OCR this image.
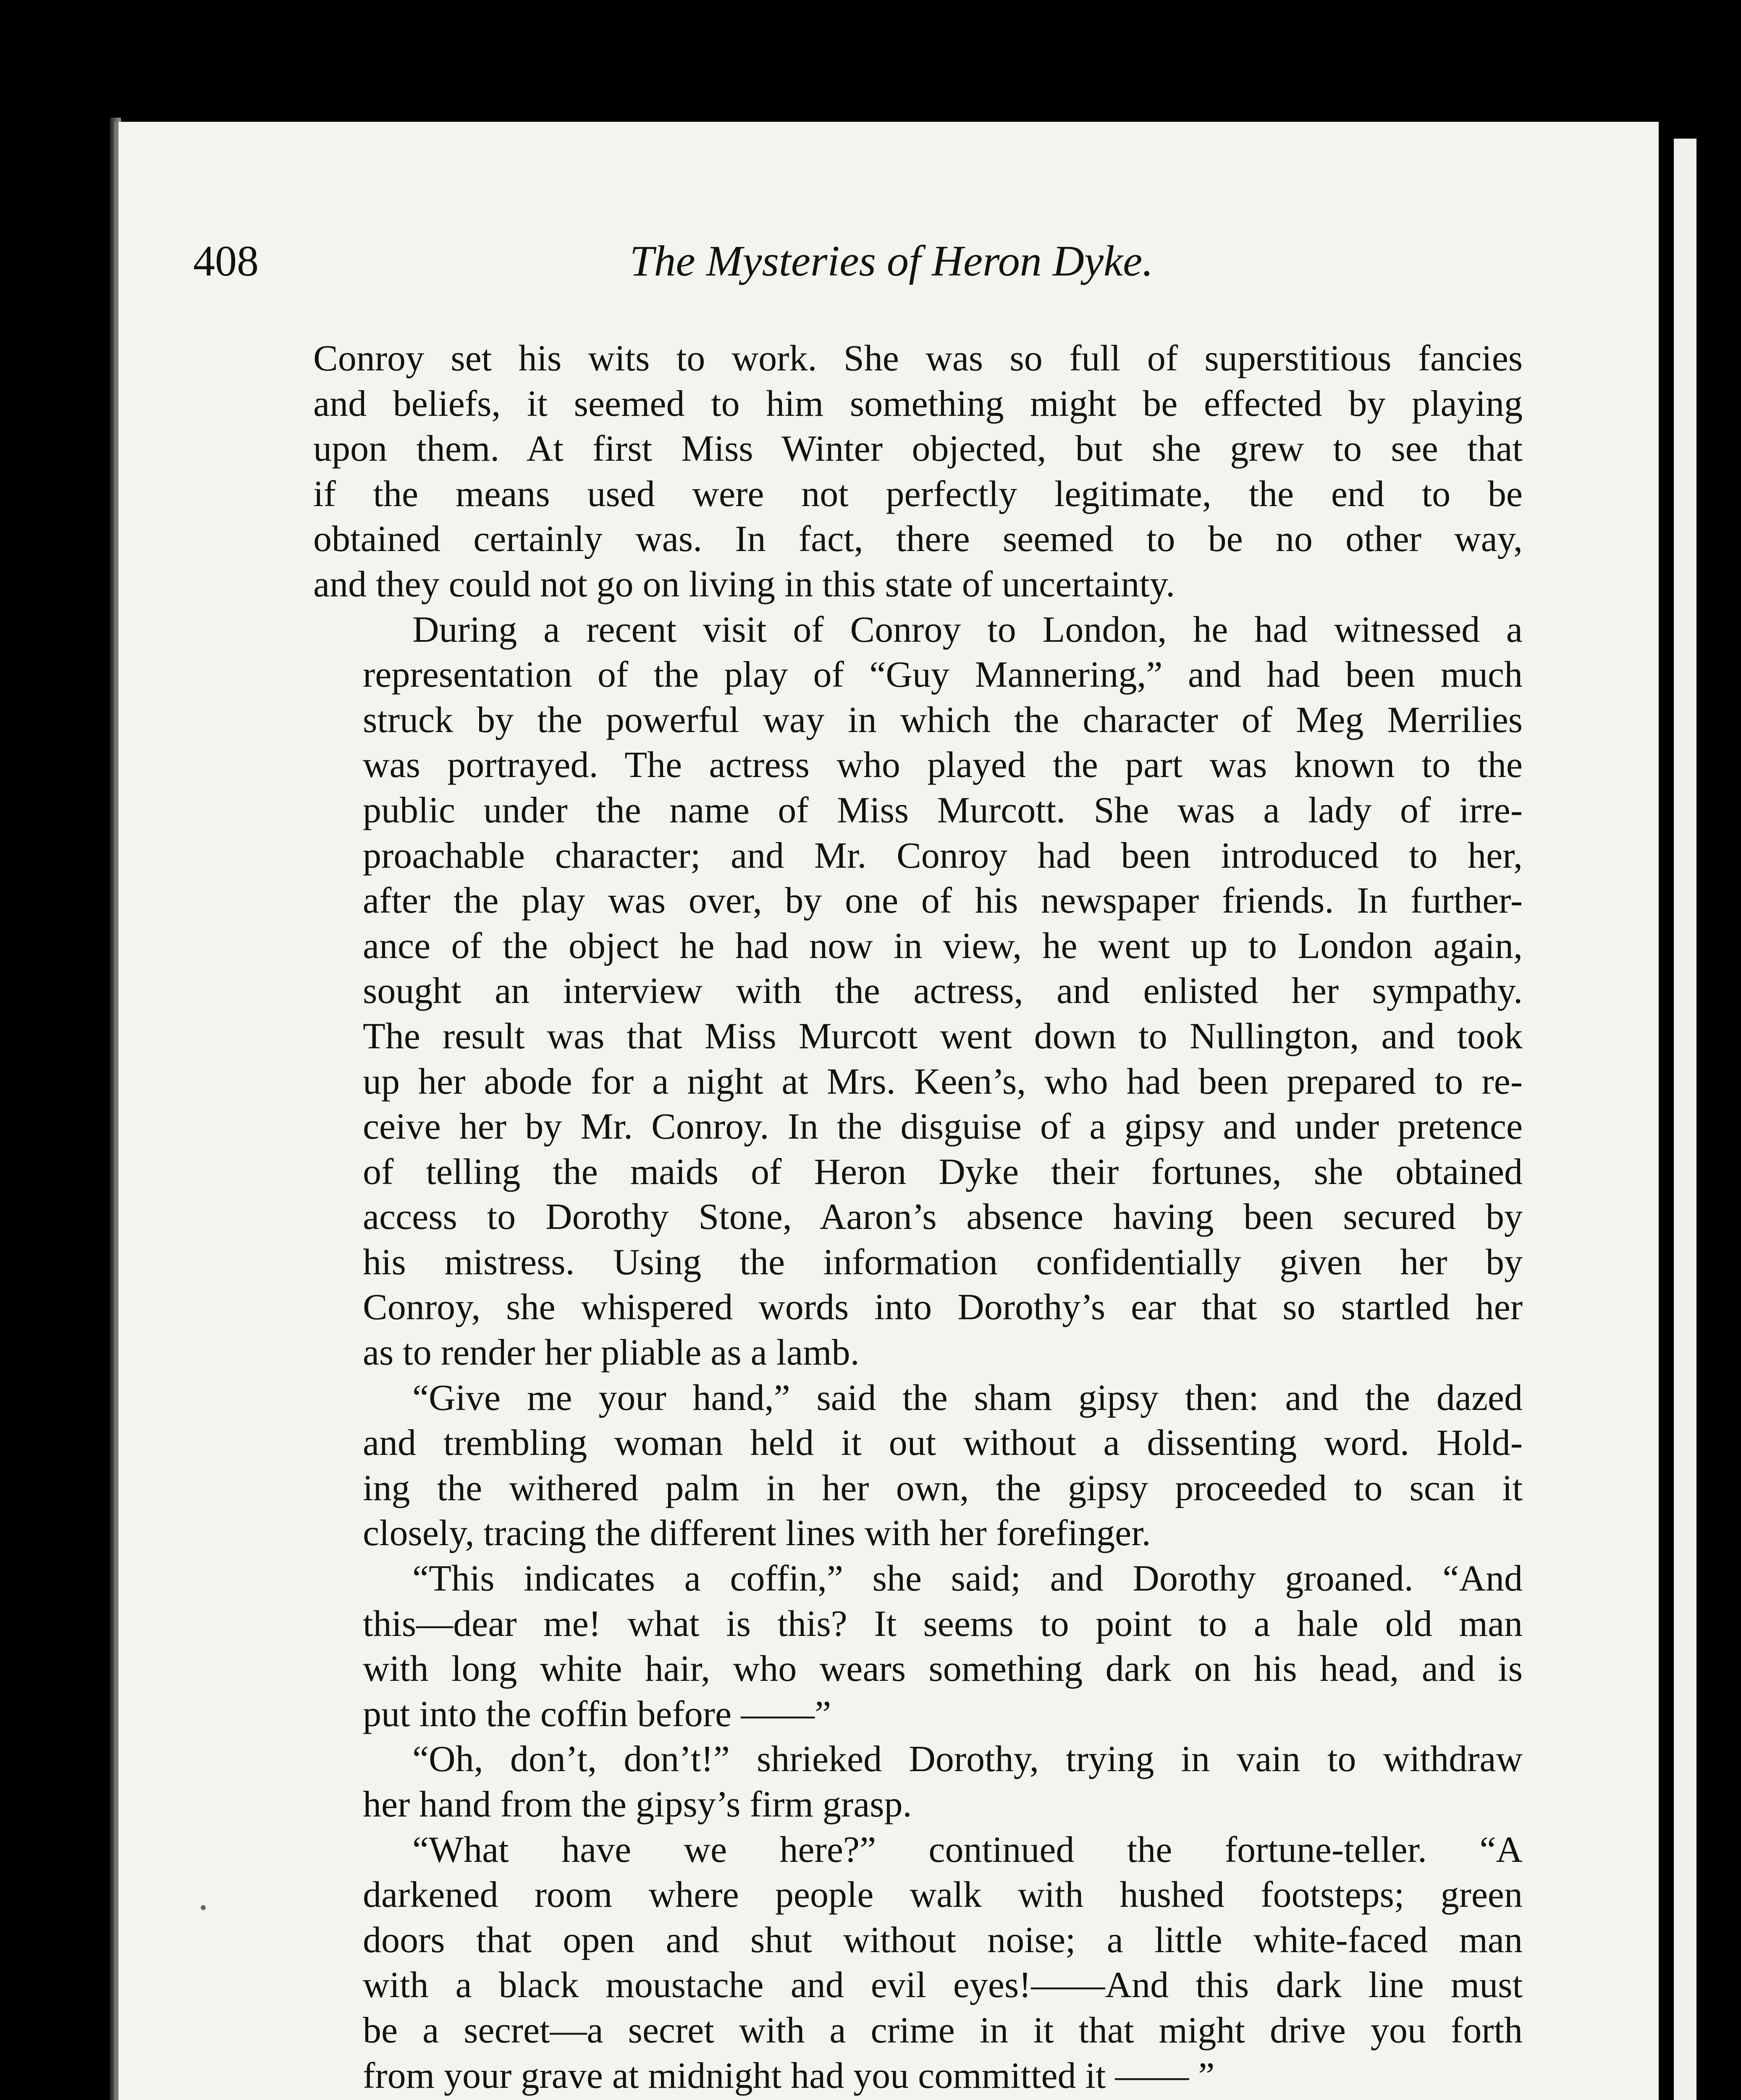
408	The Mysteries of Heron Dyke.
Conroy set his wits to work. She was so full of superstitious fancies
and beliefs, it seemed to him something might be effected by playing
upon them. At first Miss Winter objected, but she grew to see that
if the means used were not perfectly legitimate, the end to be
obtained certainly was. In fact, there seemed to be no other way,
and they could not go on living in this state of uncertainty.
During a recent visit of Conroy to London, he had witnessed a
representation of the play of “Guy Mannering,” and had been much
struck by the powerful way in which the character of Meg Merrilies
was portrayed. The actress who played the part was known to the
public under the name of Miss Murcott. She was a lady of irre-
proachable character; and Mr. Conroy had been introduced to her,
after the play was over, by one of his newspaper friends. In further-
ance of the object he had now in view, he went up to London again,
sought an interview with the actress, and enlisted her sympathy.
The result was that Miss Murcott went down to Nullington, and took
up her abode for a night at Mrs. Keen’s, who had been prepared to re-
ceive her by Mr. Conroy. In the disguise of a gipsy and under pretence
of telling the maids of Heron Dyke their fortunes, she obtained
access to Dorothy Stone, Aaron’s absence having been secured by
his mistress. Using the information confidentially given her by
Conroy, she whispered words into Dorothy’s ear that so startled her
as to render her pliable as a lamb.
“Give me your hand,” said the sham gipsy then: and the dazed
and trembling woman held it out without a dissenting word. Hold-
ing the withered palm in her own, the gipsy proceeded to scan it
closely, tracing the different lines with her forefinger.
“This indicates a coffin,” she said; and Dorothy groaned. “And
this—dear me! what is this? It seems to point to a hale old man
with long white hair, who wears something dark on his head, and is
put into the coffin before ——”
“Oh, don’t, don’t!” shrieked Dorothy, trying in vain to withdraw
her hand from the gipsy’s firm grasp.
“What have we here?” continued the fortune-teller. “A
darkened room where people walk with hushed footsteps; green
doors that open and shut without noise; a little white-faced man
with a black moustache and evil eyes!——And this dark line must
be a secret—a secret with a crime in it that might drive you forth
from your grave at midnight had you committed it —— ”
